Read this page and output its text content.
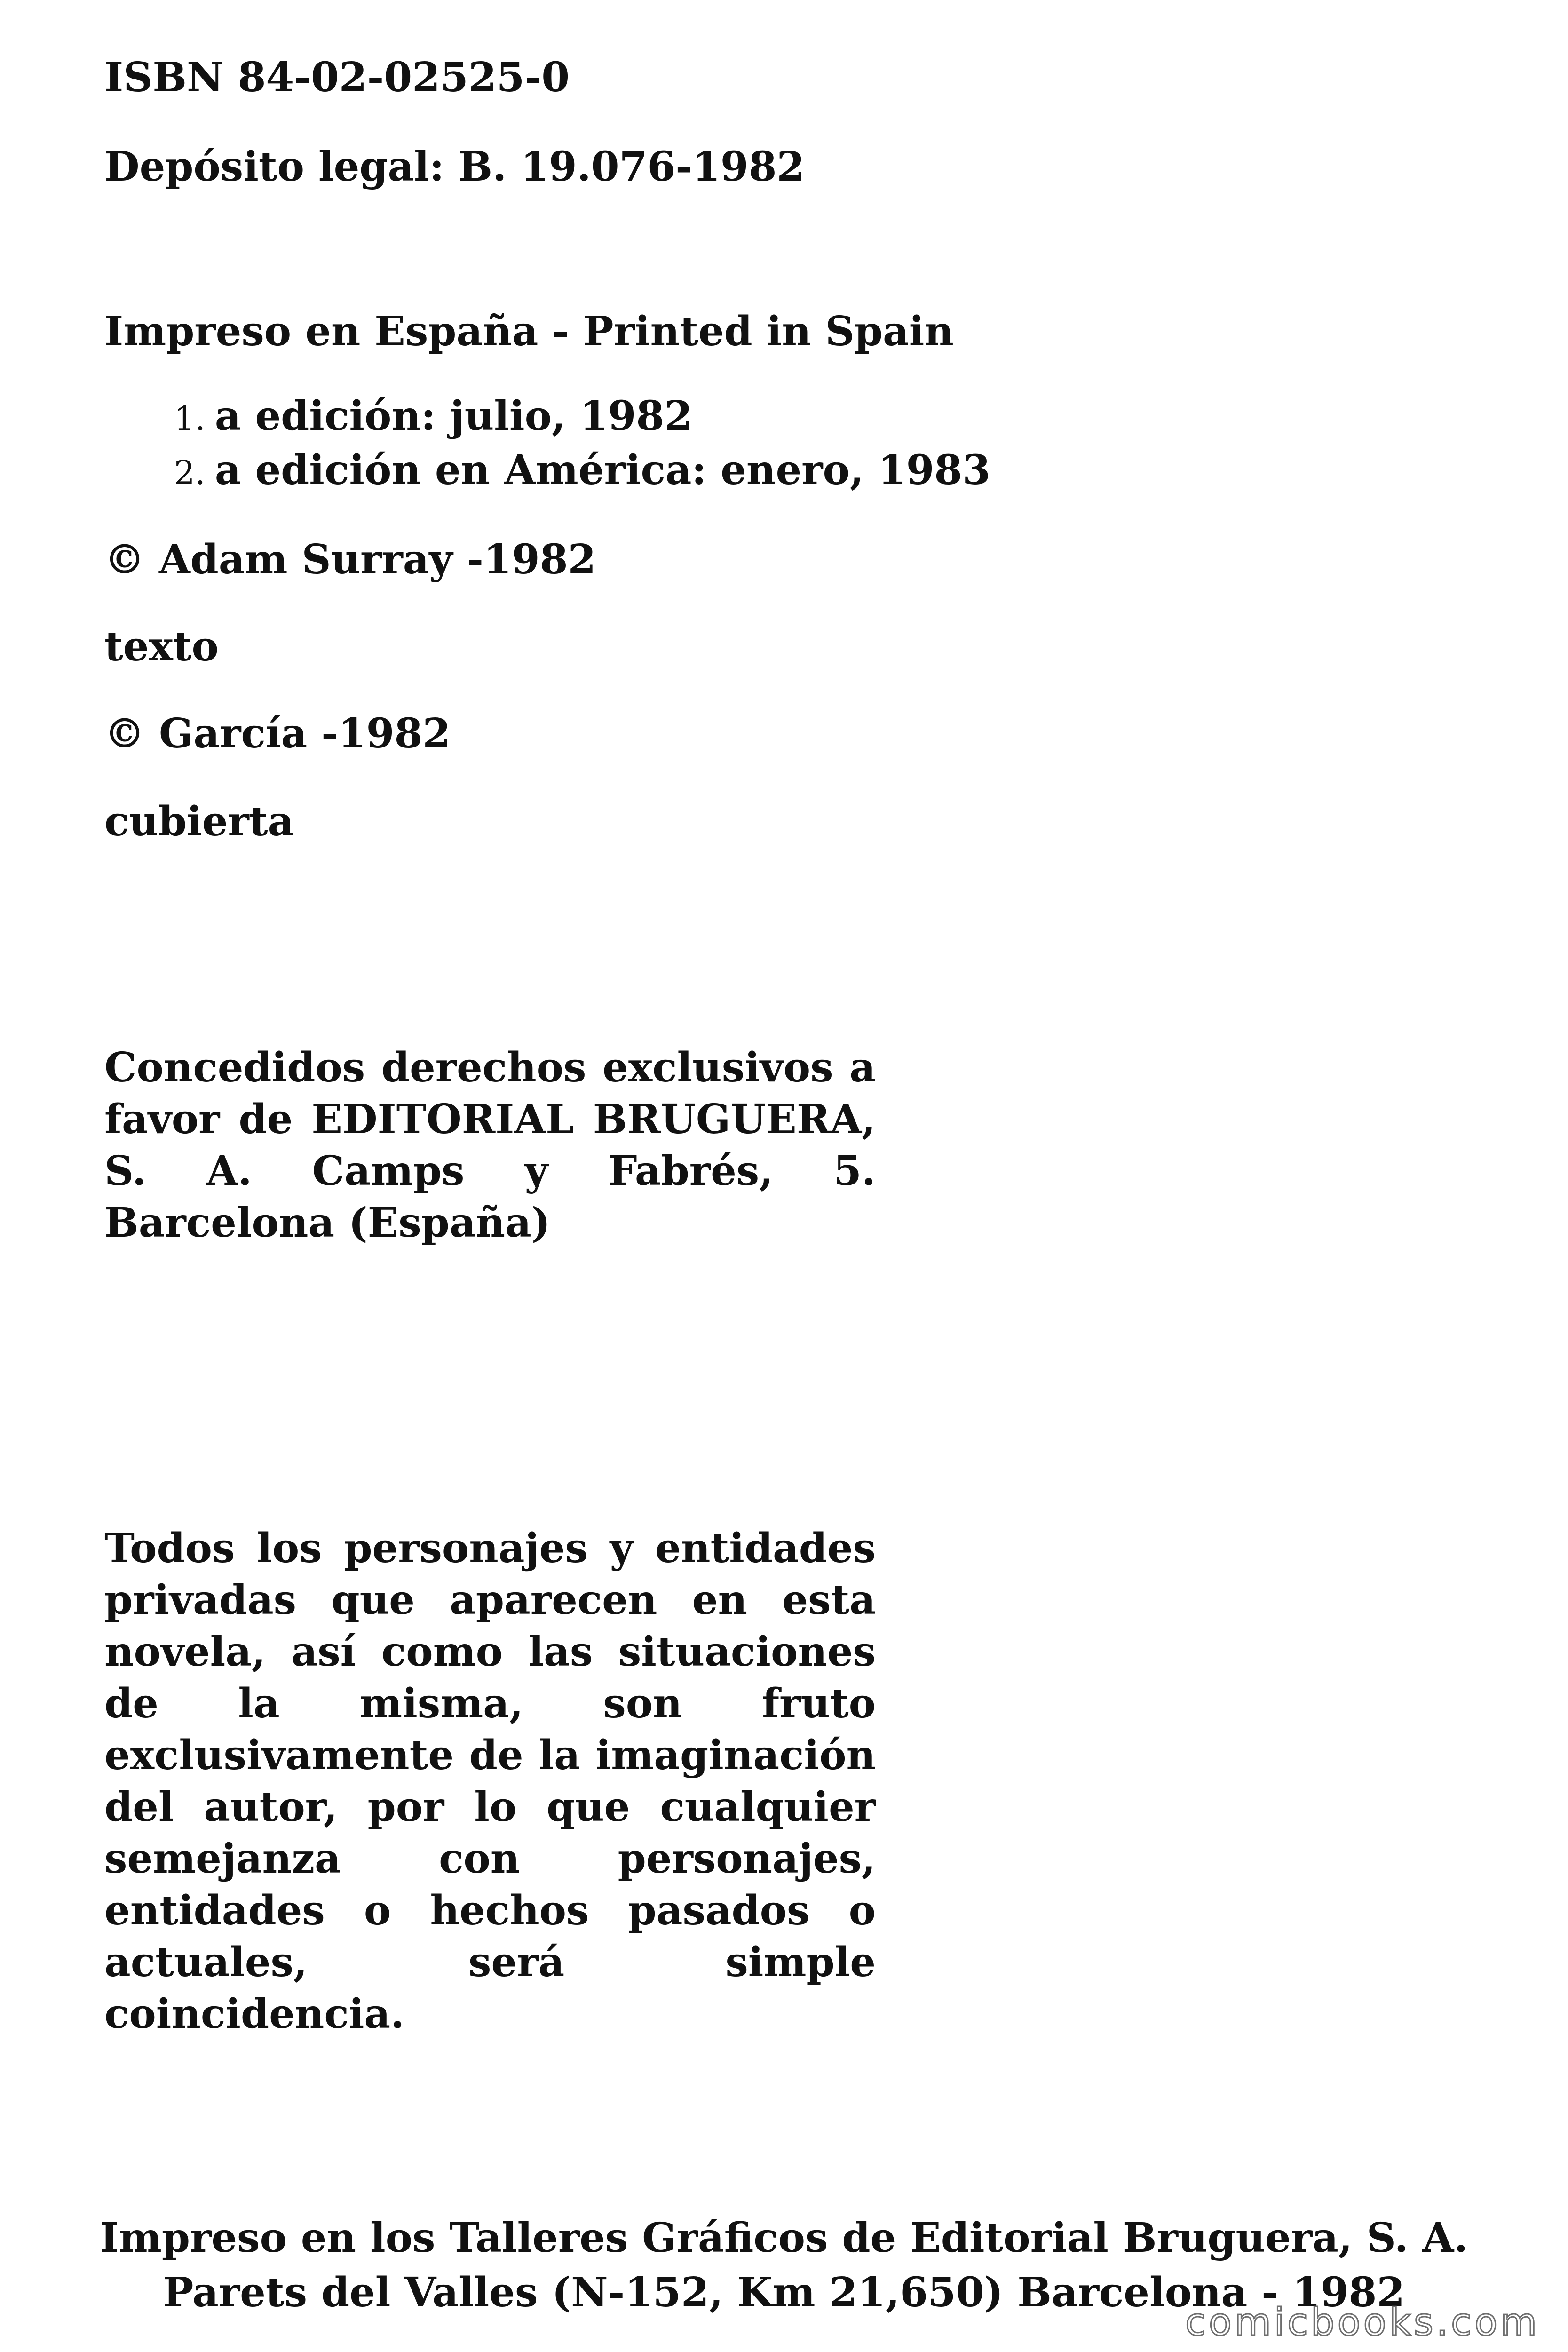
ISBN 84-02-02525-0

Depósito legal: B. 19.076-1982

Impreso en España - Printed in Spain

1. a edición: julio, 1982
2. a edición en América: enero, 1983

© Adam Surray -1982

texto

© García -1982

cubierta

Concedidos derechos exclusivos a favor de EDITORIAL BRUGUERA, S. A. Camps y Fabrés, 5. Barcelona (España)

Todos los personajes y entidades privadas que aparecen en esta novela, así como las situaciones de la misma, son fruto exclusivamente de la imaginación del autor, por lo que cualquier semejanza con personajes, entidades o hechos pasados o actuales, será simple coincidencia.

Impreso en los Talleres Gráficos de Editorial Bruguera, S. A.

Parets del Valles (N-152, Km 21,650) Barcelona - 1982

comicbooks.com
